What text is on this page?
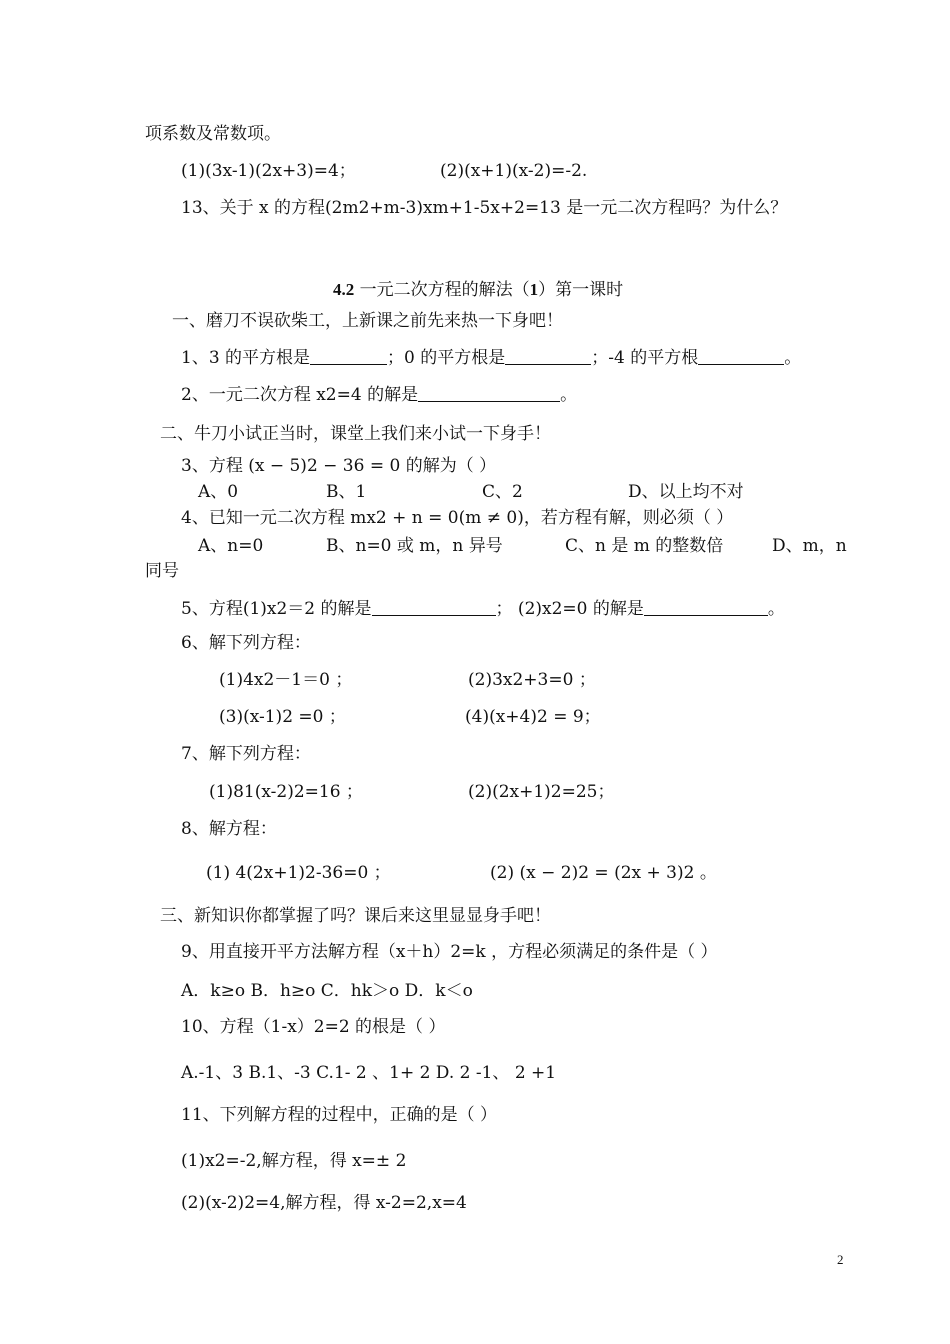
项系数及常数项。
(1)(3x-1)(2x+3)=4；	(2)(x+1)(x-2)=-2.
13、关于 x 的方程(2m2+m-3)xm+1-5x+2=13 是一元二次方程吗？为什么？
4.2 一元二次方程的解法（1）第一课时
一、磨刀不误砍柴工，上新课之前先来热一下身吧！
1、3 的平方根是	；0 的平方根是	；-4 的平方根	。
2、一元二次方程 x2=4 的解是	。
二、牛刀小试正当时，课堂上我们来小试一下身手！
3、方程 (x − 5)2 − 36 = 0 的解为（ ）
A、0	B、1	C、2	D、以上均不对
4、已知一元二次方程 mx2 + n = 0(m ≠ 0)，若方程有解，则必须（ ）
A、n=0	B、n=0 或 m，n 异号	C、n 是 m 的整数倍	D、m，n
同号
5、方程(1)x2＝2 的解是	； (2)x2=0 的解是	。
6、解下列方程：
(1)4x2－1＝0 ；	(2)3x2+3=0 ；
(3)(x-1)2 =0 ；	(4)(x+4)2 = 9；
7、解下列方程：
(1)81(x-2)2=16 ；	(2)(2x+1)2=25；
8、解方程：
(1) 4(2x+1)2-36=0 ；	(2) (x − 2)2 = (2x + 3)2 。
三、新知识你都掌握了吗？课后来这里显显身手吧！
9、用直接开平方法解方程（x＋h）2=k ，方程必须满足的条件是（ ）
A．k≥o B．h≥o C．hk＞o D．k＜o
10、方程（1-x）2=2 的根是（ ）
A.-1、3 B.1、-3 C.1- 2 、1+ 2 D. 2 -1、 2 +1
11、下列解方程的过程中，正确的是（ ）
(1)x2=-2,解方程，得 x=± 2
(2)(x-2)2=4,解方程，得 x-2=2,x=4
2
